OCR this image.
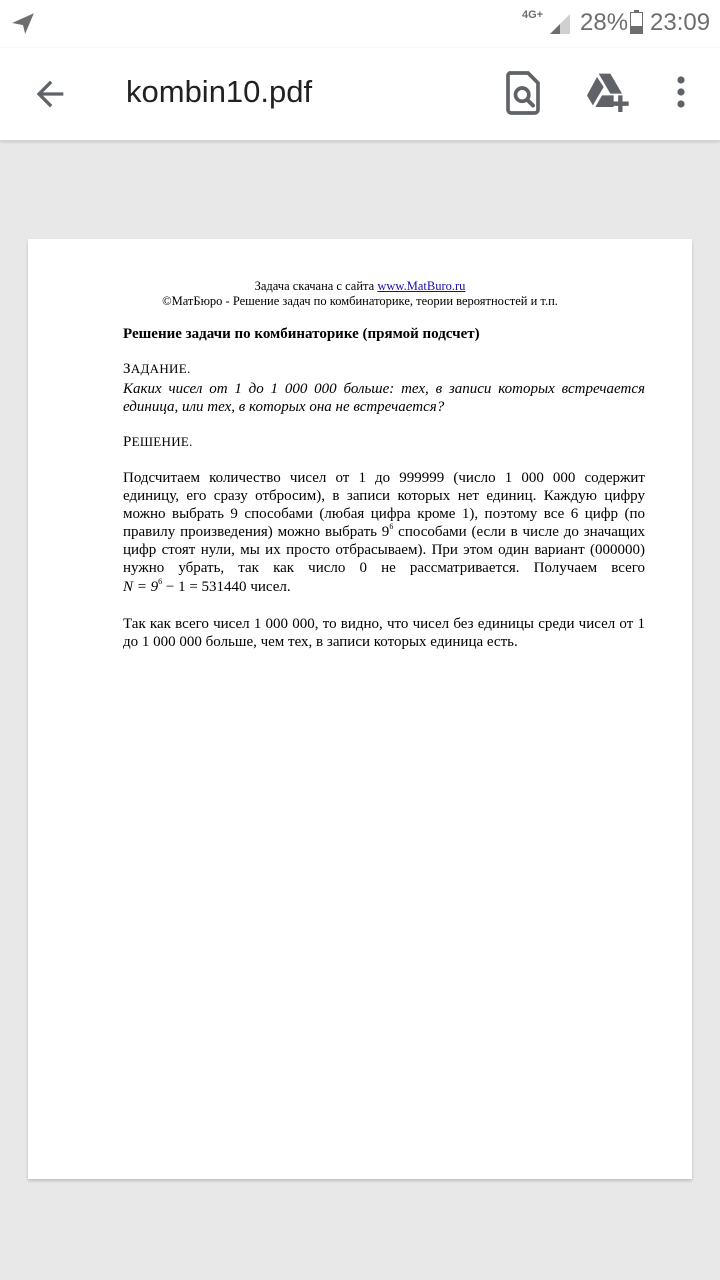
4G+ 28% 23:09
kombin10.pdf
Задача скачана с сайта www.MatBuro.ru
©МатБюро - Решение задач по комбинаторике, теории вероятностей и т.п.
Решение задачи по комбинаторике (прямой подсчет)
ЗАДАНИЕ.
Каких чисел от 1 до 1 000 000 больше: тех, в записи которых встречается единица, или тех, в которых она не встречается?
РЕШЕНИЕ.
Подсчитаем количество чисел от 1 до 999999 (число 1 000 000 содержит единицу, его сразу отбросим), в записи которых нет единиц. Каждую цифру можно выбрать 9 способами (любая цифра кроме 1), поэтому все 6 цифр (по правилу произведения) можно выбрать $9^6$ способами (если в числе до значащих цифр стоят нули, мы их просто отбрасываем). При этом один вариант (000000) нужно убрать, так как число 0 не рассматривается. Получаем всего $N = 9^6 - 1 = 531440$ чисел.
Так как всего чисел 1 000 000, то видно, что чисел без единицы среди чисел от 1 до 1 000 000 больше, чем тех, в записи которых единица есть.
